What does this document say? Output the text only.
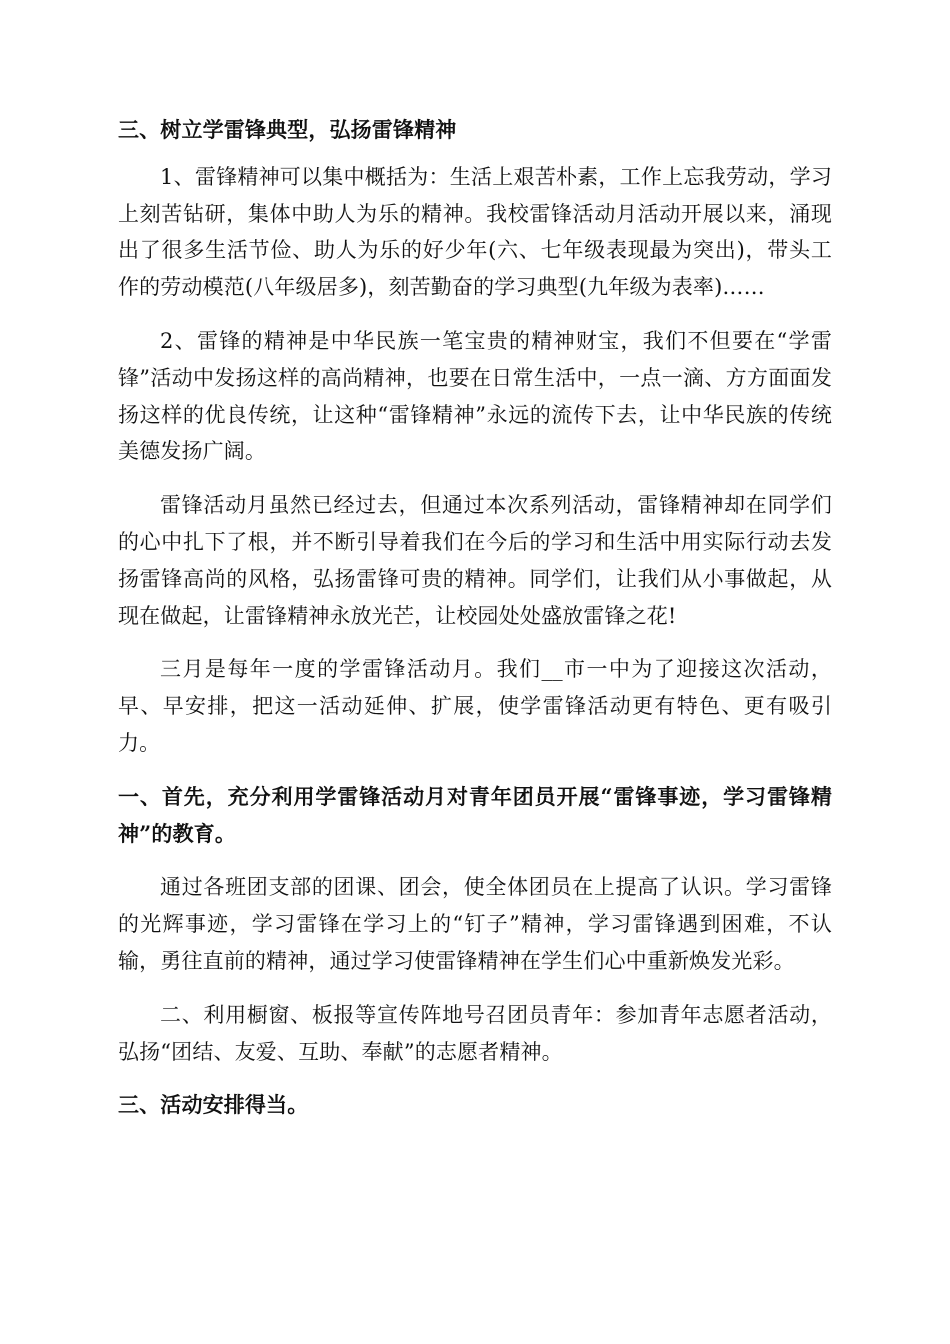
三、树立学雷锋典型，弘扬雷锋精神

1、雷锋精神可以集中概括为：生活上艰苦朴素，工作上忘我劳动，学习上刻苦钻研，集体中助人为乐的精神。我校雷锋活动月活动开展以来，涌现出了很多生活节俭、助人为乐的好少年(六、七年级表现最为突出)，带头工作的劳动模范(八年级居多)，刻苦勤奋的学习典型(九年级为表率)……

2、雷锋的精神是中华民族一笔宝贵的精神财宝，我们不但要在“学雷锋”活动中发扬这样的高尚精神，也要在日常生活中，一点一滴、方方面面发扬这样的优良传统，让这种“雷锋精神”永远的流传下去，让中华民族的传统美德发扬广阔。

雷锋活动月虽然已经过去，但通过本次系列活动，雷锋精神却在同学们的心中扎下了根，并不断引导着我们在今后的学习和生活中用实际行动去发扬雷锋高尚的风格，弘扬雷锋可贵的精神。同学们，让我们从小事做起，从现在做起，让雷锋精神永放光芒，让校园处处盛放雷锋之花!

三月是每年一度的学雷锋活动月。我们__市一中为了迎接这次活动，早、早安排，把这一活动延伸、扩展，使学雷锋活动更有特色、更有吸引力。

一、首先，充分利用学雷锋活动月对青年团员开展“雷锋事迹，学习雷锋精神”的教育。

通过各班团支部的团课、团会，使全体团员在上提高了认识。学习雷锋的光辉事迹，学习雷锋在学习上的“钉子”精神，学习雷锋遇到困难，不认输，勇往直前的精神，通过学习使雷锋精神在学生们心中重新焕发光彩。

二、利用橱窗、板报等宣传阵地号召团员青年：参加青年志愿者活动，弘扬“团结、友爱、互助、奉献”的志愿者精神。

三、活动安排得当。
